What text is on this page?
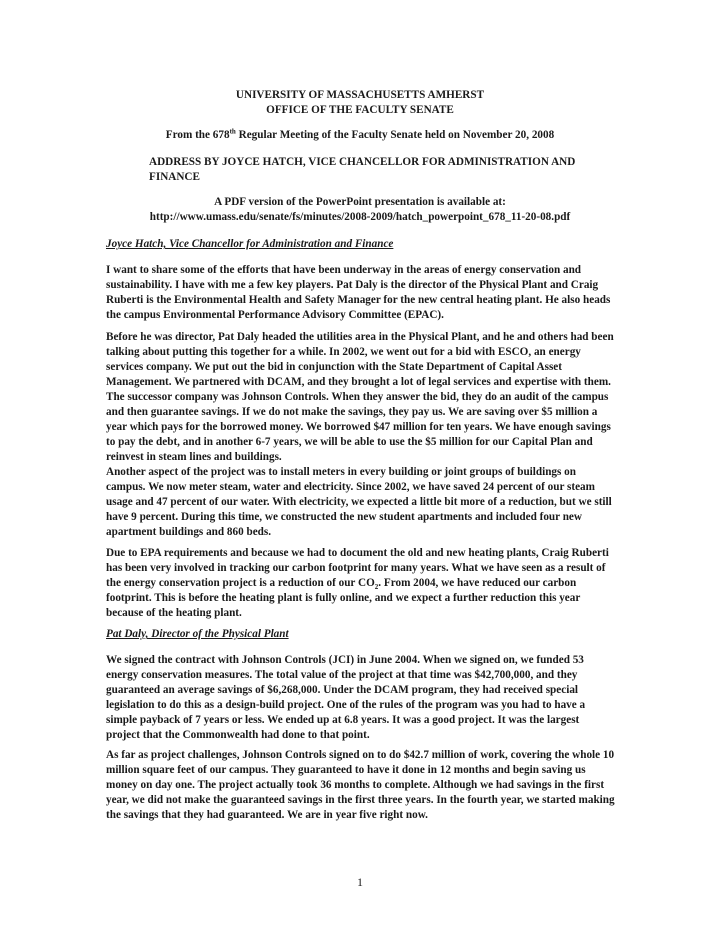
UNIVERSITY OF MASSACHUSETTS AMHERST

OFFICE OF THE FACULTY SENATE

From the 678th Regular Meeting of the Faculty Senate held on November 20, 2008

ADDRESS BY JOYCE HATCH, VICE CHANCELLOR FOR ADMINISTRATION AND FINANCE

A PDF version of the PowerPoint presentation is available at:

http://www.umass.edu/senate/fs/minutes/2008-2009/hatch_powerpoint_678_11-20-08.pdf

Joyce Hatch, Vice Chancellor for Administration and Finance

I want to share some of the efforts that have been underway in the areas of energy conservation and sustainability. I have with me a few key players. Pat Daly is the director of the Physical Plant and Craig Ruberti is the Environmental Health and Safety Manager for the new central heating plant. He also heads the campus Environmental Performance Advisory Committee (EPAC).

Before he was director, Pat Daly headed the utilities area in the Physical Plant, and he and others had been talking about putting this together for a while. In 2002, we went out for a bid with ESCO, an energy services company. We put out the bid in conjunction with the State Department of Capital Asset Management. We partnered with DCAM, and they brought a lot of legal services and expertise with them. The successor company was Johnson Controls. When they answer the bid, they do an audit of the campus and then guarantee savings. If we do not make the savings, they pay us. We are saving over $5 million a year which pays for the borrowed money. We borrowed $47 million for ten years. We have enough savings to pay the debt, and in another 6-7 years, we will be able to use the $5 million for our Capital Plan and reinvest in steam lines and buildings.

Another aspect of the project was to install meters in every building or joint groups of buildings on campus. We now meter steam, water and electricity. Since 2002, we have saved 24 percent of our steam usage and 47 percent of our water. With electricity, we expected a little bit more of a reduction, but we still have 9 percent. During this time, we constructed the new student apartments and included four new apartment buildings and 860 beds.

Due to EPA requirements and because we had to document the old and new heating plants, Craig Ruberti has been very involved in tracking our carbon footprint for many years. What we have seen as a result of the energy conservation project is a reduction of our $CO_2$. From 2004, we have reduced our carbon footprint. This is before the heating plant is fully online, and we expect a further reduction this year because of the heating plant.

Pat Daly, Director of the Physical Plant

We signed the contract with Johnson Controls (JCI) in June 2004. When we signed on, we funded 53 energy conservation measures. The total value of the project at that time was $42,700,000, and they guaranteed an average savings of $6,268,000. Under the DCAM program, they had received special legislation to do this as a design-build project. One of the rules of the program was you had to have a simple payback of 7 years or less. We ended up at 6.8 years. It was a good project. It was the largest project that the Commonwealth had done to that point.

As far as project challenges, Johnson Controls signed on to do $42.7 million of work, covering the whole 10 million square feet of our campus. They guaranteed to have it done in 12 months and begin saving us money on day one. The project actually took 36 months to complete. Although we had savings in the first year, we did not make the guaranteed savings in the first three years. In the fourth year, we started making the savings that they had guaranteed. We are in year five right now.

1
